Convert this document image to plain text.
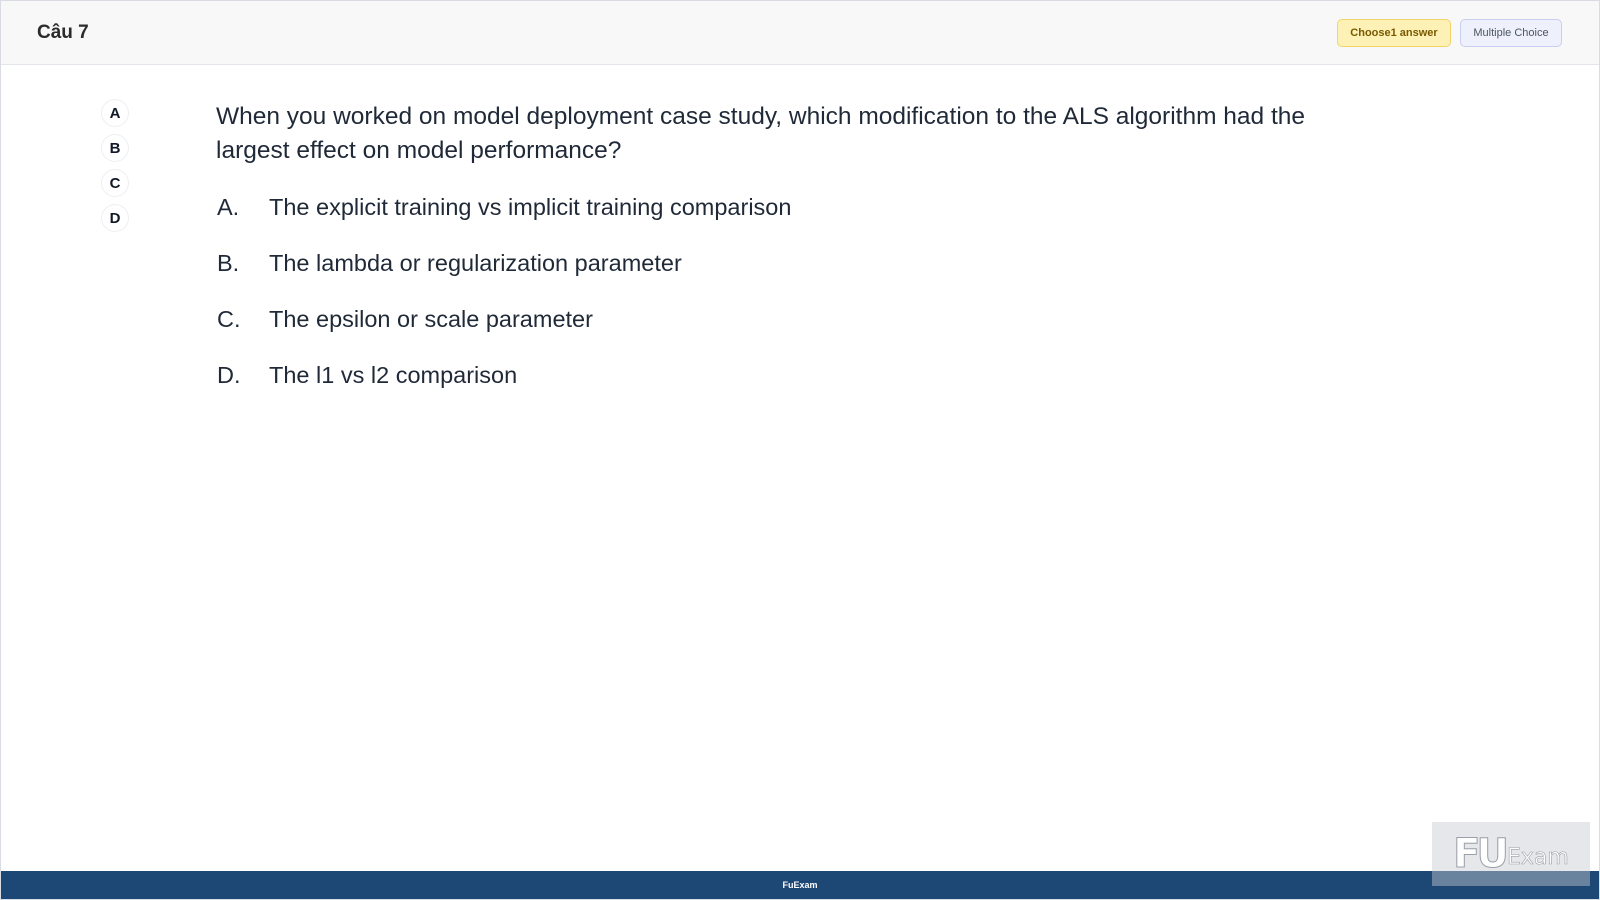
Câu 7	Choose1 answer	Multiple Choice
A
B
C
D
When you worked on model deployment case study, which modification to the ALS algorithm had the largest effect on model performance?
A.	The explicit training vs implicit training comparison
B.	The lambda or regularization parameter
C.	The epsilon or scale parameter
D.	The l1 vs l2 comparison
FuExam
FU Exam
